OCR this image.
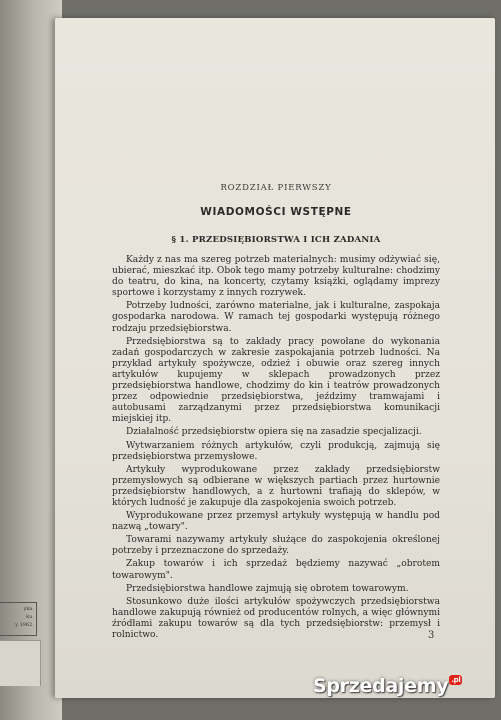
yka.
ku.
y 1962.
ROZDZIAŁ PIERWSZY
WIADOMOŚCI WSTĘPNE
§ 1. PRZEDSIĘBIORSTWA I ICH ZADANIA

Każdy z nas ma szereg potrzeb materialnych: musimy odżywiać się, ubierać, mieszkać itp. Obok tego mamy potrzeby kulturalne: chodzimy do teatru, do kina, na koncerty, czytamy książki, oglądamy imprezy sportowe i korzystamy z innych rozrywek.

Potrzeby ludności, zarówno materialne, jak i kulturalne, zaspokaja gospodarka narodowa. W ramach tej gospodarki występują różnego rodzaju przedsiębiorstwa.

Przedsiębiorstwa są to zakłady pracy powołane do wykonania zadań gospodarczych w zakresie zaspokajania potrzeb ludności. Na przykład artykuły spożywcze, odzież i obuwie oraz szereg innych artykułów kupujemy w sklepach prowadzonych przez przedsiębiorstwa handlowe, chodzimy do kin i teatrów prowadzonych przez odpowiednie przedsiębiorstwa, jeździmy tramwajami i autobusami zarządzanymi przez przedsiębiorstwa komunikacji miejskiej itp.

Działalność przedsiębiorstw opiera się na zasadzie specjalizacji.

Wytwarzaniem różnych artykułów, czyli produkcją, zajmują się przedsiębiorstwa przemysłowe.

Artykuły wyprodukowane przez zakłady przedsiębiorstw przemysłowych są odbierane w większych partiach przez hurtownie przedsiębiorstw handlowych, a z hurtowni trafiają do sklepów, w których ludność je zakupuje dla zaspokojenia swoich potrzeb.

Wyprodukowane przez przemysł artykuły występują w handlu pod nazwą „towary".

Towarami nazywamy artykuły służące do zaspokojenia określonej potrzeby i przeznaczone do sprzedaży.

Zakup towarów i ich sprzedaż będziemy nazywać „obrotem towarowym".

Przedsiębiorstwa handlowe zajmują się obrotem towarowym.

Stosunkowo duże ilości artykułów spożywczych przedsiębiorstwa handlowe zakupują również od producentów rolnych, a więc głównymi źródłami zakupu towarów są dla tych przedsiębiorstw: przemysł i rolnictwo.	3
Sprzedajemy .pl
